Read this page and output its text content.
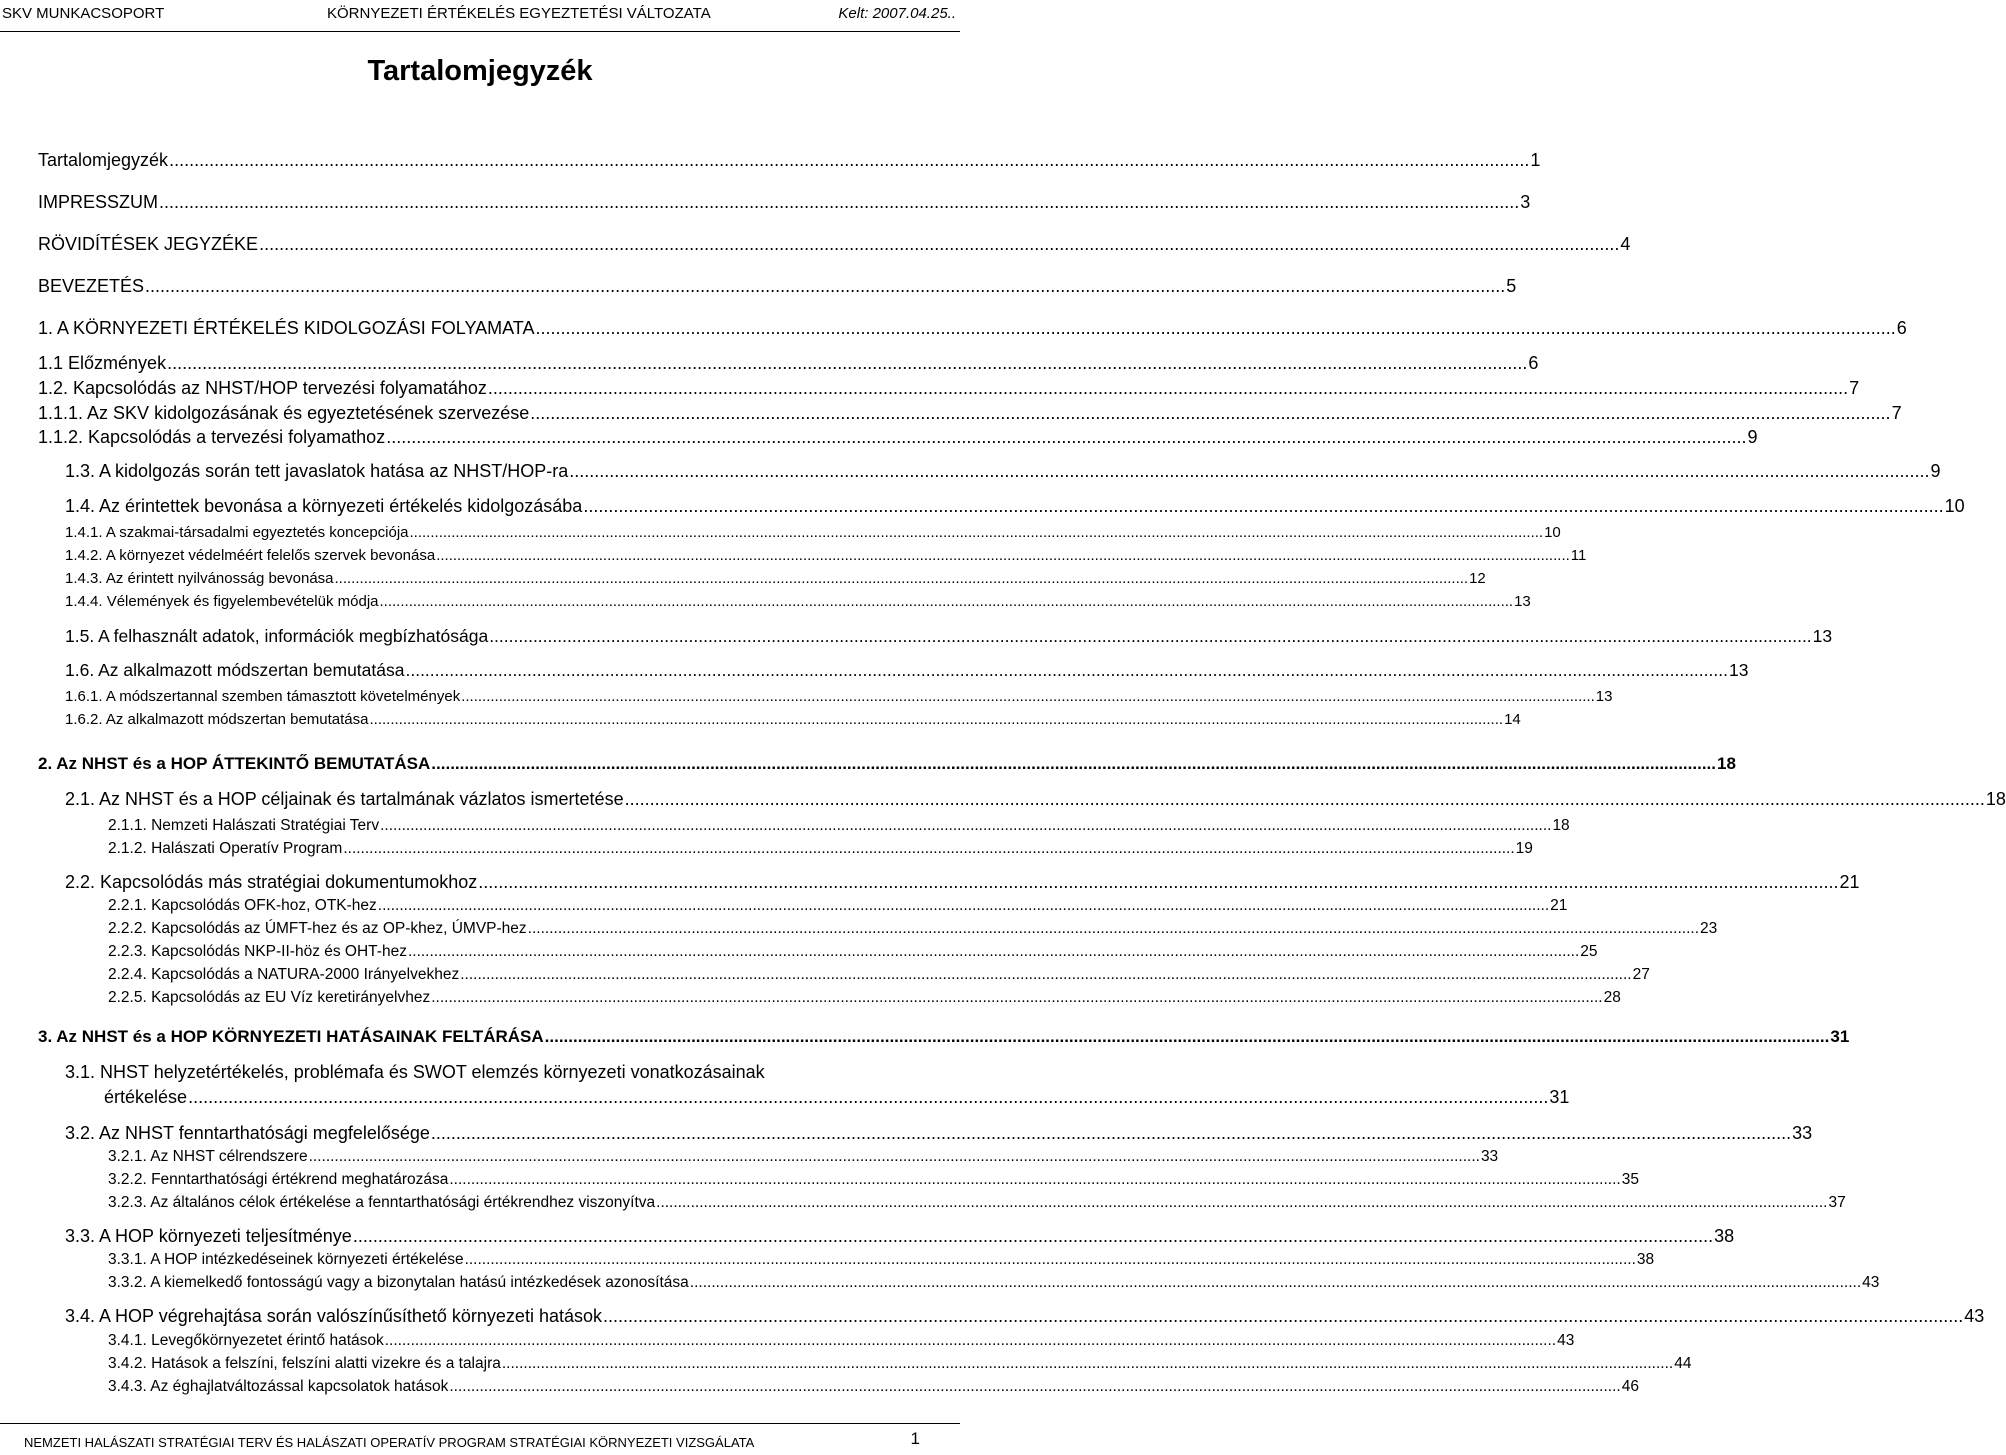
SKV MUNKACSOPORT	KÖRNYEZETI ÉRTÉKELÉS EGYEZTETÉSI VÁLTOZATA	Kelt: 2007.04.25..
Tartalomjegyzék
Tartalomjegyzék .....	1
IMPRESSZUM .....	3
RÖVIDÍTÉSEK JEGYZÉKE .....	4
BEVEZETÉS .....	5
1. A KÖRNYEZETI ÉRTÉKELÉS KIDOLGOZÁSI FOLYAMATA .....	6
1.1 Előzmények .....	6
1.2. Kapcsolódás az NHST/HOP tervezési folyamatához .....	7
1.1.1. Az SKV kidolgozásának és egyeztetésének szervezése .....	7
1.1.2. Kapcsolódás a tervezési folyamathoz .....	9
1.3. A kidolgozás során tett javaslatok hatása az NHST/HOP-ra .....	9
1.4. Az érintettek bevonása a környezeti értékelés kidolgozásába .....	10
1.4.1. A szakmai-társadalmi egyeztetés koncepciója .....	10
1.4.2. A környezet védelméért felelős szervek bevonása .....	11
1.4.3. Az érintett nyilvánosság bevonása .....	12
1.4.4. Vélemények és figyelembevételük módja .....	13
1.5. A felhasznált adatok, információk megbízhatósága .....	13
1.6. Az alkalmazott módszertan bemutatása .....	13
1.6.1. A módszertannal szemben támasztott követelmények .....	13
1.6.2. Az alkalmazott módszertan bemutatása .....	14
2. Az NHST és a HOP ÁTTEKINTŐ BEMUTATÁSA .....	18
2.1. Az NHST és a HOP céljainak és tartalmának vázlatos ismertetése .....	18
2.1.1. Nemzeti Halászati Stratégiai Terv .....	18
2.1.2. Halászati Operatív Program .....	19
2.2. Kapcsolódás más stratégiai dokumentumokhoz .....	21
2.2.1. Kapcsolódás OFK-hoz, OTK-hez .....	21
2.2.2. Kapcsolódás az ÚMFT-hez és az OP-khez, ÚMVP-hez .....	23
2.2.3. Kapcsolódás NKP-II-höz és OHT-hez .....	25
2.2.4. Kapcsolódás a NATURA-2000 Irányelvekhez .....	27
2.2.5. Kapcsolódás az EU Víz keretirányelvhez .....	28
3. Az NHST és a HOP KÖRNYEZETI HATÁSAINAK FELTÁRÁSA .....	31
3.1. NHST helyzetértékelés, problémafa és SWOT elemzés környezeti vonatkozásainak
értékelése .....	31
3.2. Az NHST fenntarthatósági megfelelősége .....	33
3.2.1. Az NHST célrendszere .....	33
3.2.2. Fenntarthatósági értékrend meghatározása .....	35
3.2.3. Az általános célok értékelése a fenntarthatósági értékrendhez viszonyítva .....	37
3.3. A HOP környezeti teljesítménye .....	38
3.3.1. A HOP intézkedéseinek környezeti értékelése .....	38
3.3.2. A kiemelkedő fontosságú vagy a bizonytalan hatású intézkedések azonosítása .....	43
3.4. A HOP végrehajtása során valószínűsíthető környezeti hatások .....	43
3.4.1. Levegőkörnyezetet érintő hatások .....	43
3.4.2. Hatások a felszíni, felszíni alatti vizekre és a talajra .....	44
3.4.3. Az éghajlatváltozással kapcsolatok hatások .....	46
NEMZETI HALÁSZATI STRATÉGIAI TERV ÉS HALÁSZATI OPERATÍV PROGRAM STRATÉGIAI KÖRNYEZETI VIZSGÁLATA	1
